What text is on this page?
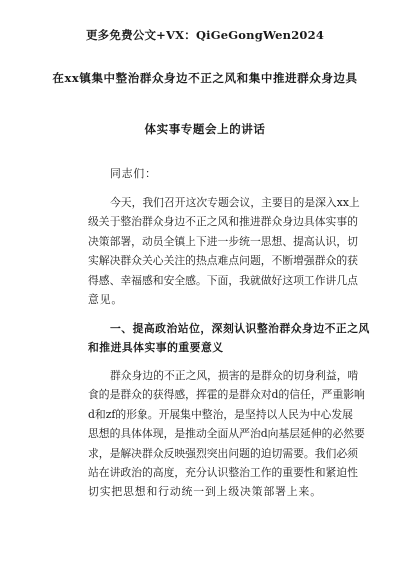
更多免费公文+VX：QiGeGongWen2024
在xx镇集中整治群众身边不正之风和集中推进群众身边具
体实事专题会上的讲话
同志们：
今天，我们召开这次专题会议，主要目的是深入xx上
级关于整治群众身边不正之风和推进群众身边具体实事的
决策部署，动员全镇上下进一步统一思想、提高认识，切
实解决群众关心关注的热点难点问题，不断增强群众的获
得感、幸福感和安全感。下面，我就做好这项工作讲几点
意见。
一、提高政治站位，深刻认识整治群众身边不正之风
和推进具体实事的重要意义
群众身边的不正之风，损害的是群众的切身利益，啃
食的是群众的获得感，挥霍的是群众对d的信任，严重影响
d和zf的形象。开展集中整治，是坚持以人民为中心发展
思想的具体体现，是推动全面从严治d向基层延伸的必然要
求，是解决群众反映强烈突出问题的迫切需要。我们必须
站在讲政治的高度，充分认识整治工作的重要性和紧迫性
切实把思想和行动统一到上级决策部署上来。
